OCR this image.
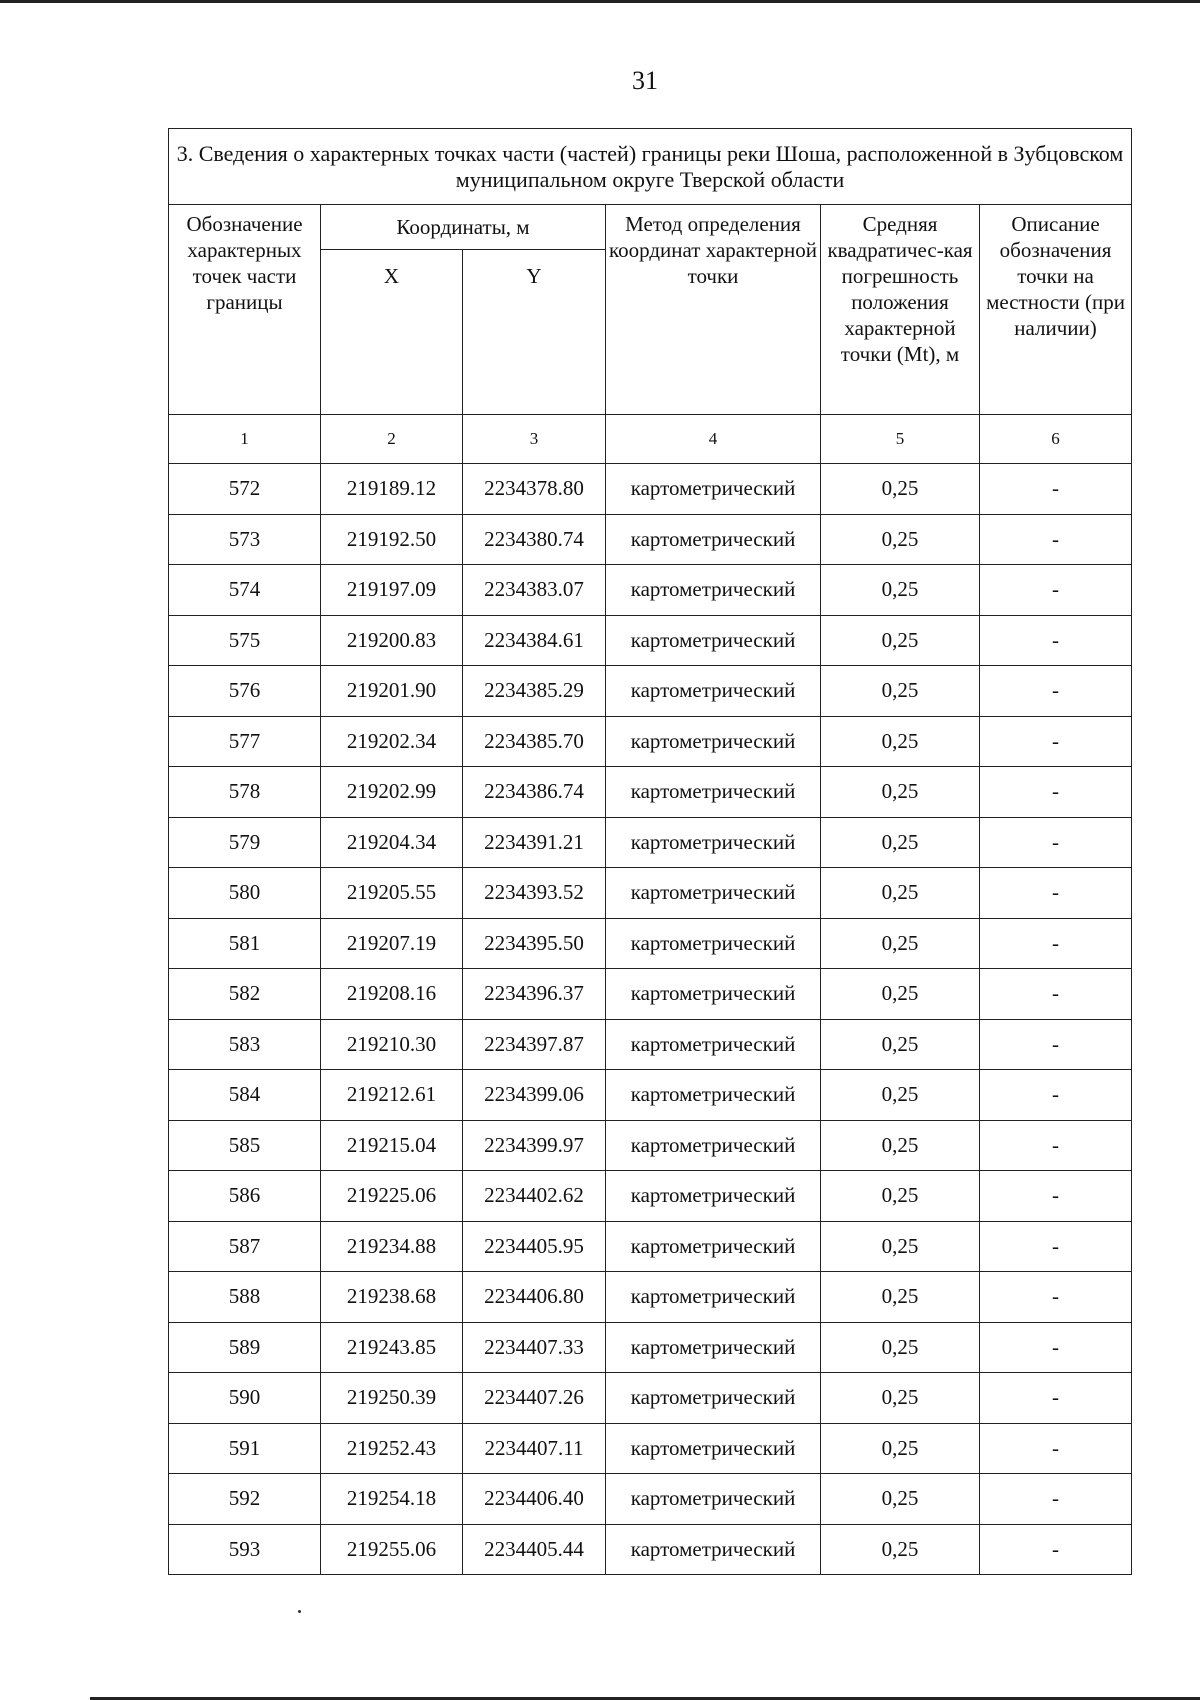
31
3. Сведения о характерных точках части (частей) границы реки Шоша, расположенной в Зубцовском муниципальном округе Тверской области					
Обозначение характерных точек части границы	Координаты, м		Метод определения координат характерной точки	Средняя квадратичес-кая погрешность положения характерной точки (Mt), м	Описание обозначения точки на местности (при наличии)
	X	Y			
1	2	3	4	5	6
572	219189.12	2234378.80	картометрический	0,25	-
573	219192.50	2234380.74	картометрический	0,25	-
574	219197.09	2234383.07	картометрический	0,25	-
575	219200.83	2234384.61	картометрический	0,25	-
576	219201.90	2234385.29	картометрический	0,25	-
577	219202.34	2234385.70	картометрический	0,25	-
578	219202.99	2234386.74	картометрический	0,25	-
579	219204.34	2234391.21	картометрический	0,25	-
580	219205.55	2234393.52	картометрический	0,25	-
581	219207.19	2234395.50	картометрический	0,25	-
582	219208.16	2234396.37	картометрический	0,25	-
583	219210.30	2234397.87	картометрический	0,25	-
584	219212.61	2234399.06	картометрический	0,25	-
585	219215.04	2234399.97	картометрический	0,25	-
586	219225.06	2234402.62	картометрический	0,25	-
587	219234.88	2234405.95	картометрический	0,25	-
588	219238.68	2234406.80	картометрический	0,25	-
589	219243.85	2234407.33	картометрический	0,25	-
590	219250.39	2234407.26	картометрический	0,25	-
591	219252.43	2234407.11	картометрический	0,25	-
592	219254.18	2234406.40	картометрический	0,25	-
593	219255.06	2234405.44	картометрический	0,25	-
